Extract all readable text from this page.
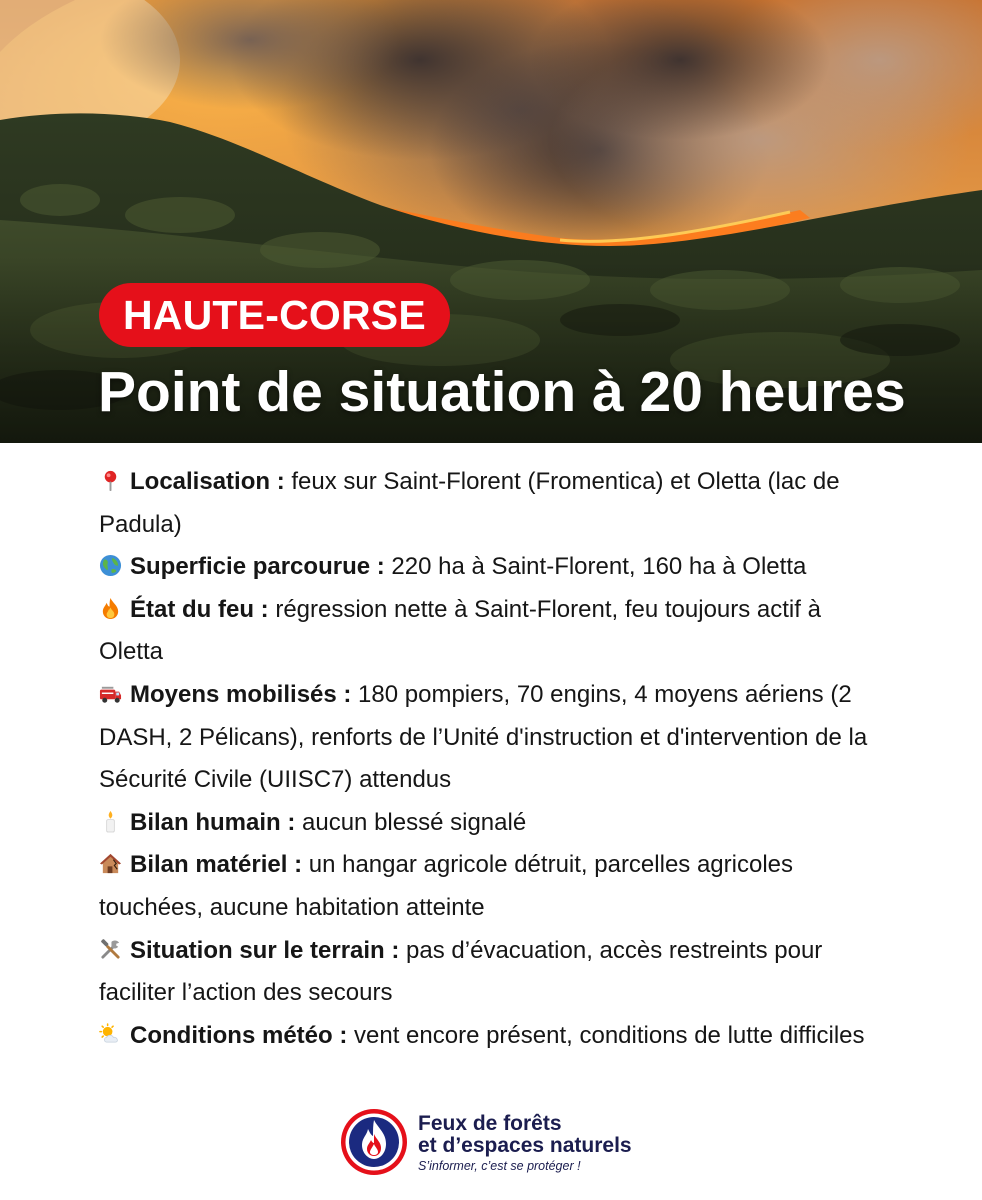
HAUTE-CORSE
Point de situation à 20 heures
Localisation : feux sur Saint-Florent (Fromentica) et Oletta (lac de Padula)
Superficie parcourue : 220 ha à Saint-Florent, 160 ha à Oletta
État du feu : régression nette à Saint-Florent, feu toujours actif à Oletta
Moyens mobilisés : 180 pompiers, 70 engins, 4 moyens aériens (2 DASH, 2 Pélicans), renforts de l’Unité d'instruction et d'intervention de la Sécurité Civile (UIISC7) attendus
Bilan humain : aucun blessé signalé
Bilan matériel : un hangar agricole détruit, parcelles agricoles touchées, aucune habitation atteinte
Situation sur le terrain : pas d’évacuation, accès restreints pour faciliter l’action des secours
Conditions météo : vent encore présent, conditions de lutte difficiles
Feux de forêts
et d’espaces naturels
S’informer, c’est se protéger !
